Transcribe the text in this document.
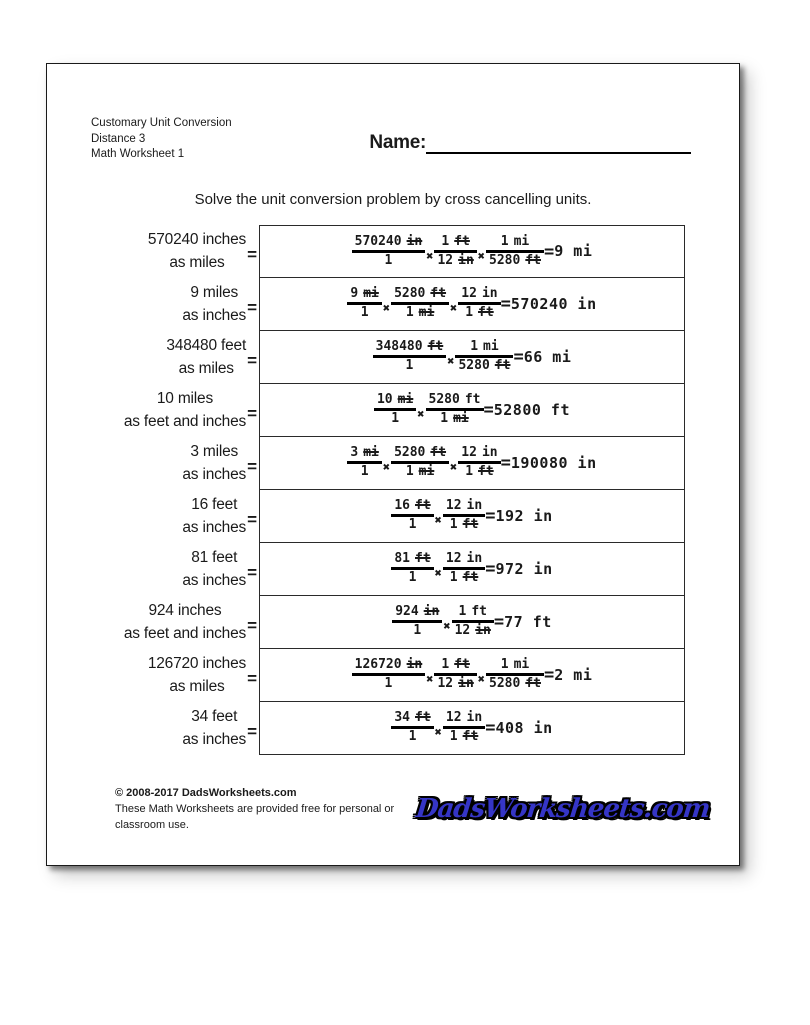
Customary Unit Conversion
Distance 3
Math Worksheet 1
Name:
Solve the unit conversion problem by cross cancelling units.
570240 inches
as miles	=	$\frac{570240 in}{1}$ ✖ $\frac{1 ft}{12 in}$ ✖ $\frac{1 mi}{5280 ft} = 9$ mi
9 miles
as inches =	$\frac{9 mi}{1}$ ✖ $\frac{5280 ft}{1 mi}$ ✖ $\frac{12 in}{1 ft} = 570240$ in
348480 feet
as miles =	$\frac{348480 ft}{1}$ ✖ $\frac{1 mi}{5280 ft} = 66$ mi
10 miles
as feet and inches =	$\frac{10 mi}{1}$ ✖ $\frac{5280 ft}{1 mi} = 52800$ ft
3 miles
as inches =	$\frac{3 mi}{1}$ ✖ $\frac{5280 ft}{1 mi}$ ✖ $\frac{12 in}{1 ft} = 190080$ in
16 feet
as inches =	$\frac{16 ft}{1}$ ✖ $\frac{12 in}{1 ft} = 192$ in
81 feet
as inches =	$\frac{81 ft}{1}$ ✖ $\frac{12 in}{1 ft} = 972$ in
924 inches
as feet and inches =	$\frac{924 in}{1}$ ✖ $\frac{1 ft}{12 in} = 77$ ft
126720 inches
as miles	=	$\frac{126720 in}{1}$ ✖ $\frac{1 ft}{12 in}$ ✖ $\frac{1 mi}{5280 ft} = 2$ mi
34 feet
as inches =	$\frac{34 ft}{1}$ ✖ $\frac{12 in}{1 ft} = 408$ in
© 2008-2017 DadsWorksheets.com
These Math Worksheets are provided free for personal or classroom use.
DadsWorksheets.com
